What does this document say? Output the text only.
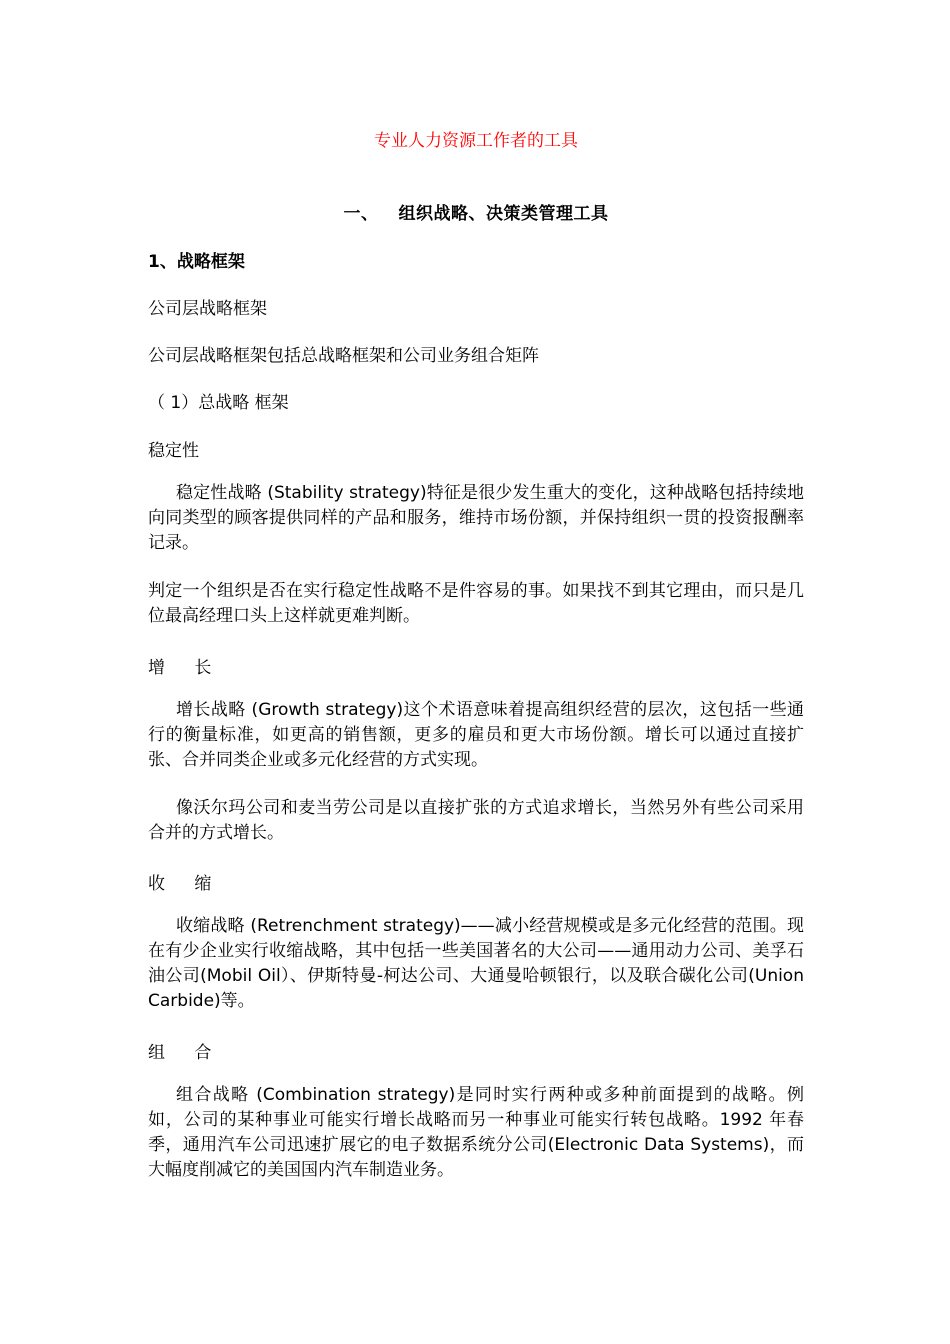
专业人力资源工作者的工具
一、 组织战略、决策类管理工具
1、战略框架
公司层战略框架
公司层战略框架包括总战略框架和公司业务组合矩阵
（ 1）总战略 框架
稳定性
稳定性战略 (Stability strategy)特征是很少发生重大的变化，这种战略包括持续地向同类型的顾客提供同样的产品和服务，维持市场份额，并保持组织一贯的投资报酬率记录。
判定一个组织是否在实行稳定性战略不是件容易的事。如果找不到其它理由，而只是几位最高经理口头上这样就更难判断。
增 长
增长战略 (Growth strategy)这个术语意味着提高组织经营的层次，这包括一些通行的衡量标准，如更高的销售额，更多的雇员和更大市场份额。增长可以通过直接扩张、合并同类企业或多元化经营的方式实现。
像沃尔玛公司和麦当劳公司是以直接扩张的方式追求增长，当然另外有些公司采用合并的方式增长。
收 缩
收缩战略 (Retrenchment strategy)——减小经营规模或是多元化经营的范围。现在有少企业实行收缩战略，其中包括一些美国著名的大公司——通用动力公司、美孚石油公司(Mobil Oil）、伊斯特曼-柯达公司、大通曼哈顿银行，以及联合碳化公司(Union Carbide)等。
组 合
组合战略 (Combination strategy)是同时实行两种或多种前面提到的战略。例如，公司的某种事业可能实行增长战略而另一种事业可能实行转包战略。1992 年春季，通用汽车公司迅速扩展它的电子数据系统分公司(Electronic Data Systems)，而大幅度削减它的美国国内汽车制造业务。
